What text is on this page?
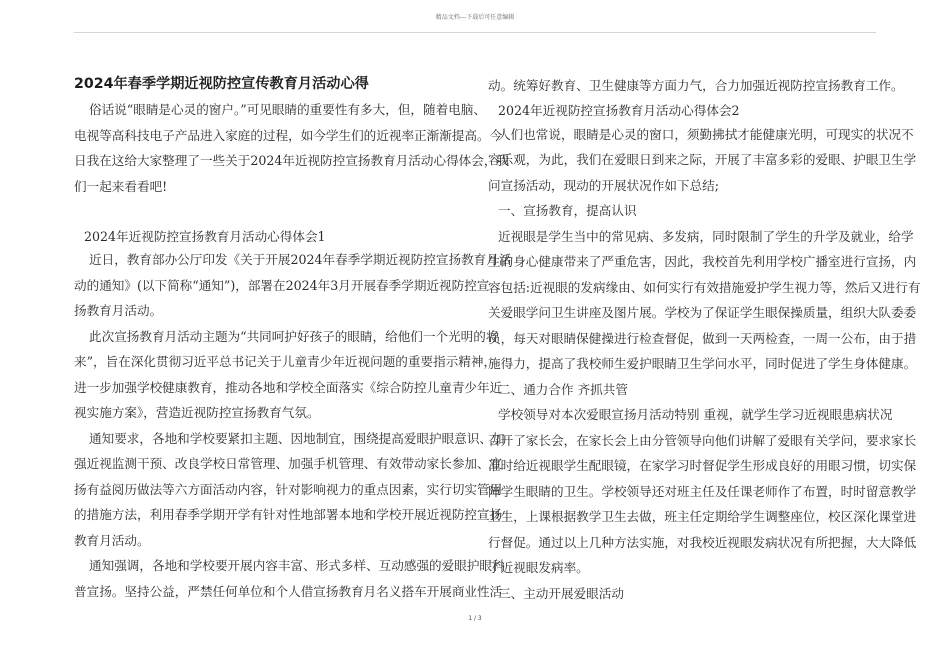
精品文档---下载后可任意编辑
2024年春季学期近视防控宣传教育月活动心得
俗话说“眼睛是心灵的窗户。”可见眼睛的重要性有多大，但，随着电脑、
电视等高科技电子产品进入家庭的过程，如今学生们的近视率正渐渐提高。今
日我在这给大家整理了一些关于2024年近视防控宣扬教育月活动心得体会，我
们一起来看看吧!
2024年近视防控宣扬教育月活动心得体会1
近日，教育部办公厅印发《关于开展2024年春季学期近视防控宣扬教育月活
动的通知》(以下简称“通知”)，部署在2024年3月开展春季学期近视防控宣
扬教育月活动。
此次宣扬教育月活动主题为“共同呵护好孩子的眼睛，给他们一个光明的将
来”，旨在深化贯彻习近平总书记关于儿童青少年近视问题的重要指示精神，
进一步加强学校健康教育，推动各地和学校全面落实《综合防控儿童青少年近
视实施方案》，营造近视防控宣扬教育气氛。
通知要求，各地和学校要紧扣主题、因地制宜，围绕提高爱眼护眼意识、加
强近视监测干预、改良学校日常管理、加强手机管理、有效带动家长参加、宣
扬有益阅历做法等六方面活动内容，针对影响视力的重点因素，实行切实管用
的措施方法，利用春季学期开学有针对性地部署本地和学校开展近视防控宣扬
教育月活动。
通知强调，各地和学校要开展内容丰富、形式多样、互动感强的爱眼护眼科
普宣扬。坚持公益，严禁任何单位和个人借宣扬教育月名义搭车开展商业性活
动。统筹好教育、卫生健康等方面力气，合力加强近视防控宣扬教育工作。
2024年近视防控宣扬教育月活动心得体会2
人们也常说，眼睛是心灵的窗口，须勤拂拭才能健康光明，可现实的状况不
容乐观，为此，我们在爱眼日到来之际，开展了丰富多彩的爱眼、护眼卫生学
问宣扬活动，现动的开展状况作如下总结;
一、宣扬教育，提高认识
近视眼是学生当中的常见病、多发病，同时限制了学生的升学及就业，给学
生的身心健康带来了严重危害，因此，我校首先利用学校广播室进行宣扬，内
容包括:近视眼的发病缘由、如何实行有效措施爱护学生视力等，然后又进行有
关爱眼学问卫生讲座及图片展。学校为了保证学生眼保操质量，组织大队委委
员，每天对眼睛保健操进行检查督促，做到一天两检查，一周一公布，由于措
施得力，提高了我校师生爱护眼睛卫生学问水平，同时促进了学生身体健康。
二、通力合作 齐抓共管
学校领导对本次爱眼宣扬月活动特别 重视，就学生学习近视眼患病状况
召开了家长会，在家长会上由分管领导向他们讲解了爱眼有关学问，要求家长
准时给近视眼学生配眼镜，在家学习时督促学生形成良好的用眼习惯，切实保
障学生眼睛的卫生。学校领导还对班主任及任课老师作了布置，时时留意教学
卫生，上课根据教学卫生去做，班主任定期给学生调整座位，校区深化课堂进
行督促。通过以上几种方法实施，对我校近视眼发病状况有所把握，大大降低
了近视眼发病率。
三、主动开展爱眼活动
1 / 3
